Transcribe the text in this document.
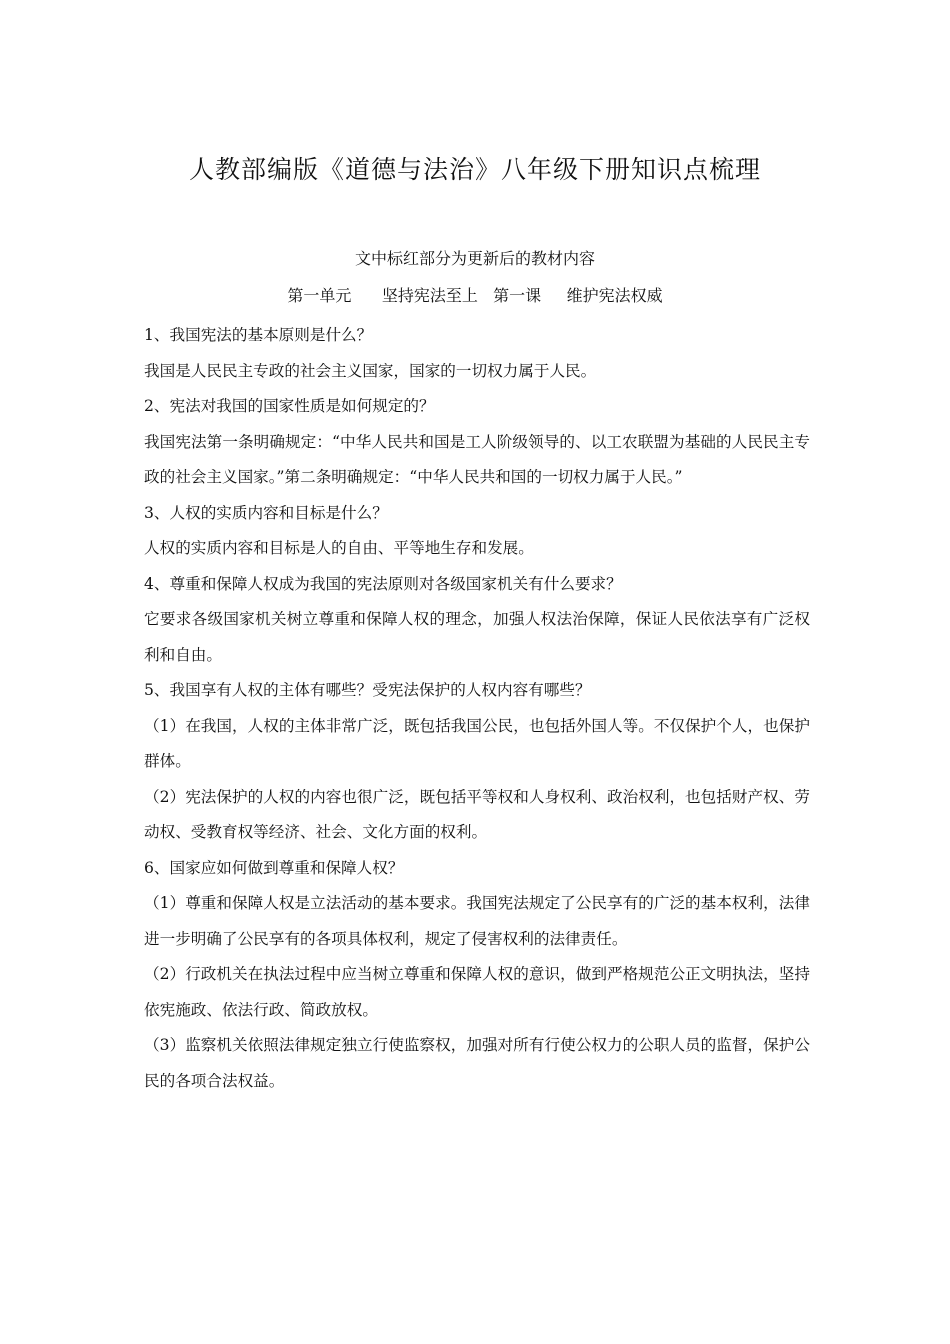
人教部编版《道德与法治》八年级下册知识点梳理
文中标红部分为更新后的教材内容
第一单元      坚持宪法至上   第一课     维护宪法权威

1、我国宪法的基本原则是什么？

我国是人民民主专政的社会主义国家，国家的一切权力属于人民。

2、宪法对我国的国家性质是如何规定的？

我国宪法第一条明确规定：“中华人民共和国是工人阶级领导的、以工农联盟为基础的人民民主专政的社会主义国家。”第二条明确规定：“中华人民共和国的一切权力属于人民。”

3、人权的实质内容和目标是什么？

人权的实质内容和目标是人的自由、平等地生存和发展。

4、尊重和保障人权成为我国的宪法原则对各级国家机关有什么要求？

它要求各级国家机关树立尊重和保障人权的理念，加强人权法治保障，保证人民依法享有广泛权利和自由。

5、我国享有人权的主体有哪些？受宪法保护的人权内容有哪些？

（1）在我国，人权的主体非常广泛，既包括我国公民，也包括外国人等。不仅保护个人，也保护群体。

（2）宪法保护的人权的内容也很广泛，既包括平等权和人身权利、政治权利，也包括财产权、劳动权、受教育权等经济、社会、文化方面的权利。

6、国家应如何做到尊重和保障人权？

（1）尊重和保障人权是立法活动的基本要求。我国宪法规定了公民享有的广泛的基本权利，法律进一步明确了公民享有的各项具体权利，规定了侵害权利的法律责任。

（2）行政机关在执法过程中应当树立尊重和保障人权的意识，做到严格规范公正文明执法，坚持依宪施政、依法行政、简政放权。

（3）监察机关依照法律规定独立行使监察权，加强对所有行使公权力的公职人员的监督，保护公民的各项合法权益。
